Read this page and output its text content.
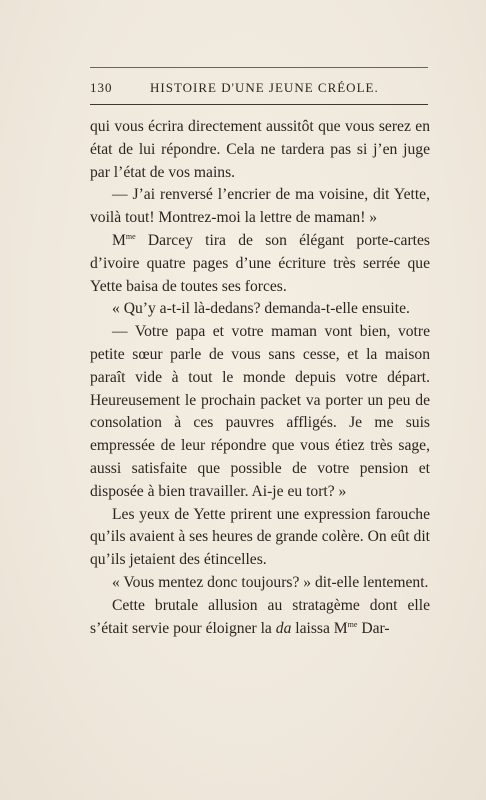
130	HISTOIRE D'UNE JEUNE CRÉOLE.

qui vous écrira directement aussitôt que vous serez en état de lui répondre. Cela ne tardera pas si j’en juge par l’état de vos mains.

— J’ai renversé l’encrier de ma voisine, dit Yette, voilà tout! Montrez-moi la lettre de maman! »

$M^{me}$ Darcey tira de son élégant porte-cartes d’ivoire quatre pages d’une écriture très serrée que Yette baisa de toutes ses forces.

« Qu’y a-t-il là-dedans? demanda-t-elle ensuite.

— Votre papa et votre maman vont bien, votre petite sœur parle de vous sans cesse, et la maison paraît vide à tout le monde depuis votre départ. Heureusement le prochain packet va porter un peu de consolation à ces pauvres affligés. Je me suis empressée de leur répondre que vous étiez très sage, aussi satisfaite que possible de votre pension et disposée à bien travailler. Ai-je eu tort? »

Les yeux de Yette prirent une expression farouche qu’ils avaient à ses heures de grande colère. On eût dit qu’ils jetaient des étincelles.

« Vous mentez donc toujours? » dit-elle lentement.

Cette brutale allusion au stratagème dont elle s’était servie pour éloigner la da laissa $M^{me}$ Dar-
